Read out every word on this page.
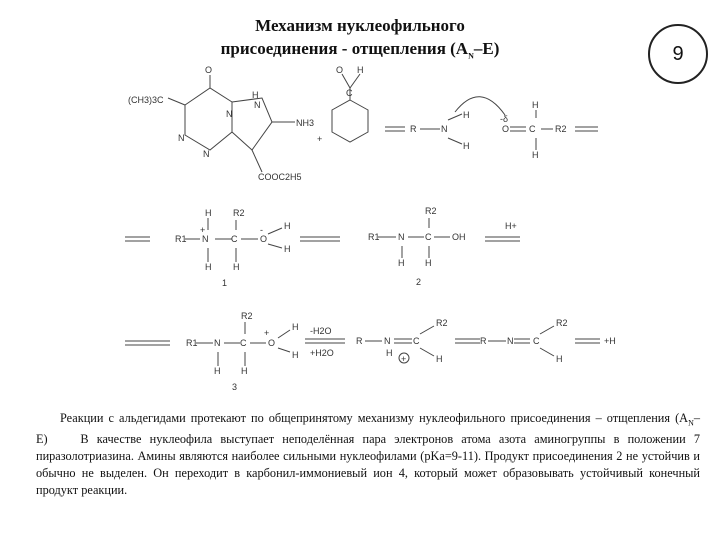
Механизм нуклеофильного
присоединения - отщепления $(A_N-E)$	9
(CH3)3C
O
H
N
N
N
N
NH3
+
COOC2H5
O H
C
R	N
H
H
-δ
O C R2
H
H
R1 N
+
C	O
-
R2
H
H H
H
H
1
R1 N C OH
R2
H H
2
H+
R1 N C O
+
R2
H H
H
H
3
-H2O
+H2O
R N	C
R2
H
H
+
R N C
R2
H
+H
Реакции с альдегидами протекают по общепринятому механизму нуклеофильного присоединения – отщепления $(A_N-E)$	В качестве нуклеофила выступает неподелённая пара электронов атома азота аминогруппы в положении 7 пиразолотриазина. Амины являются наиболее сильными нуклеофилами (pKa=9-11). Продукт присоединения 2 не устойчив и обычно не выделен. Он переходит в карбонил-иммониевый ион 4, который может образовывать устойчивый конечный продукт реакции.
